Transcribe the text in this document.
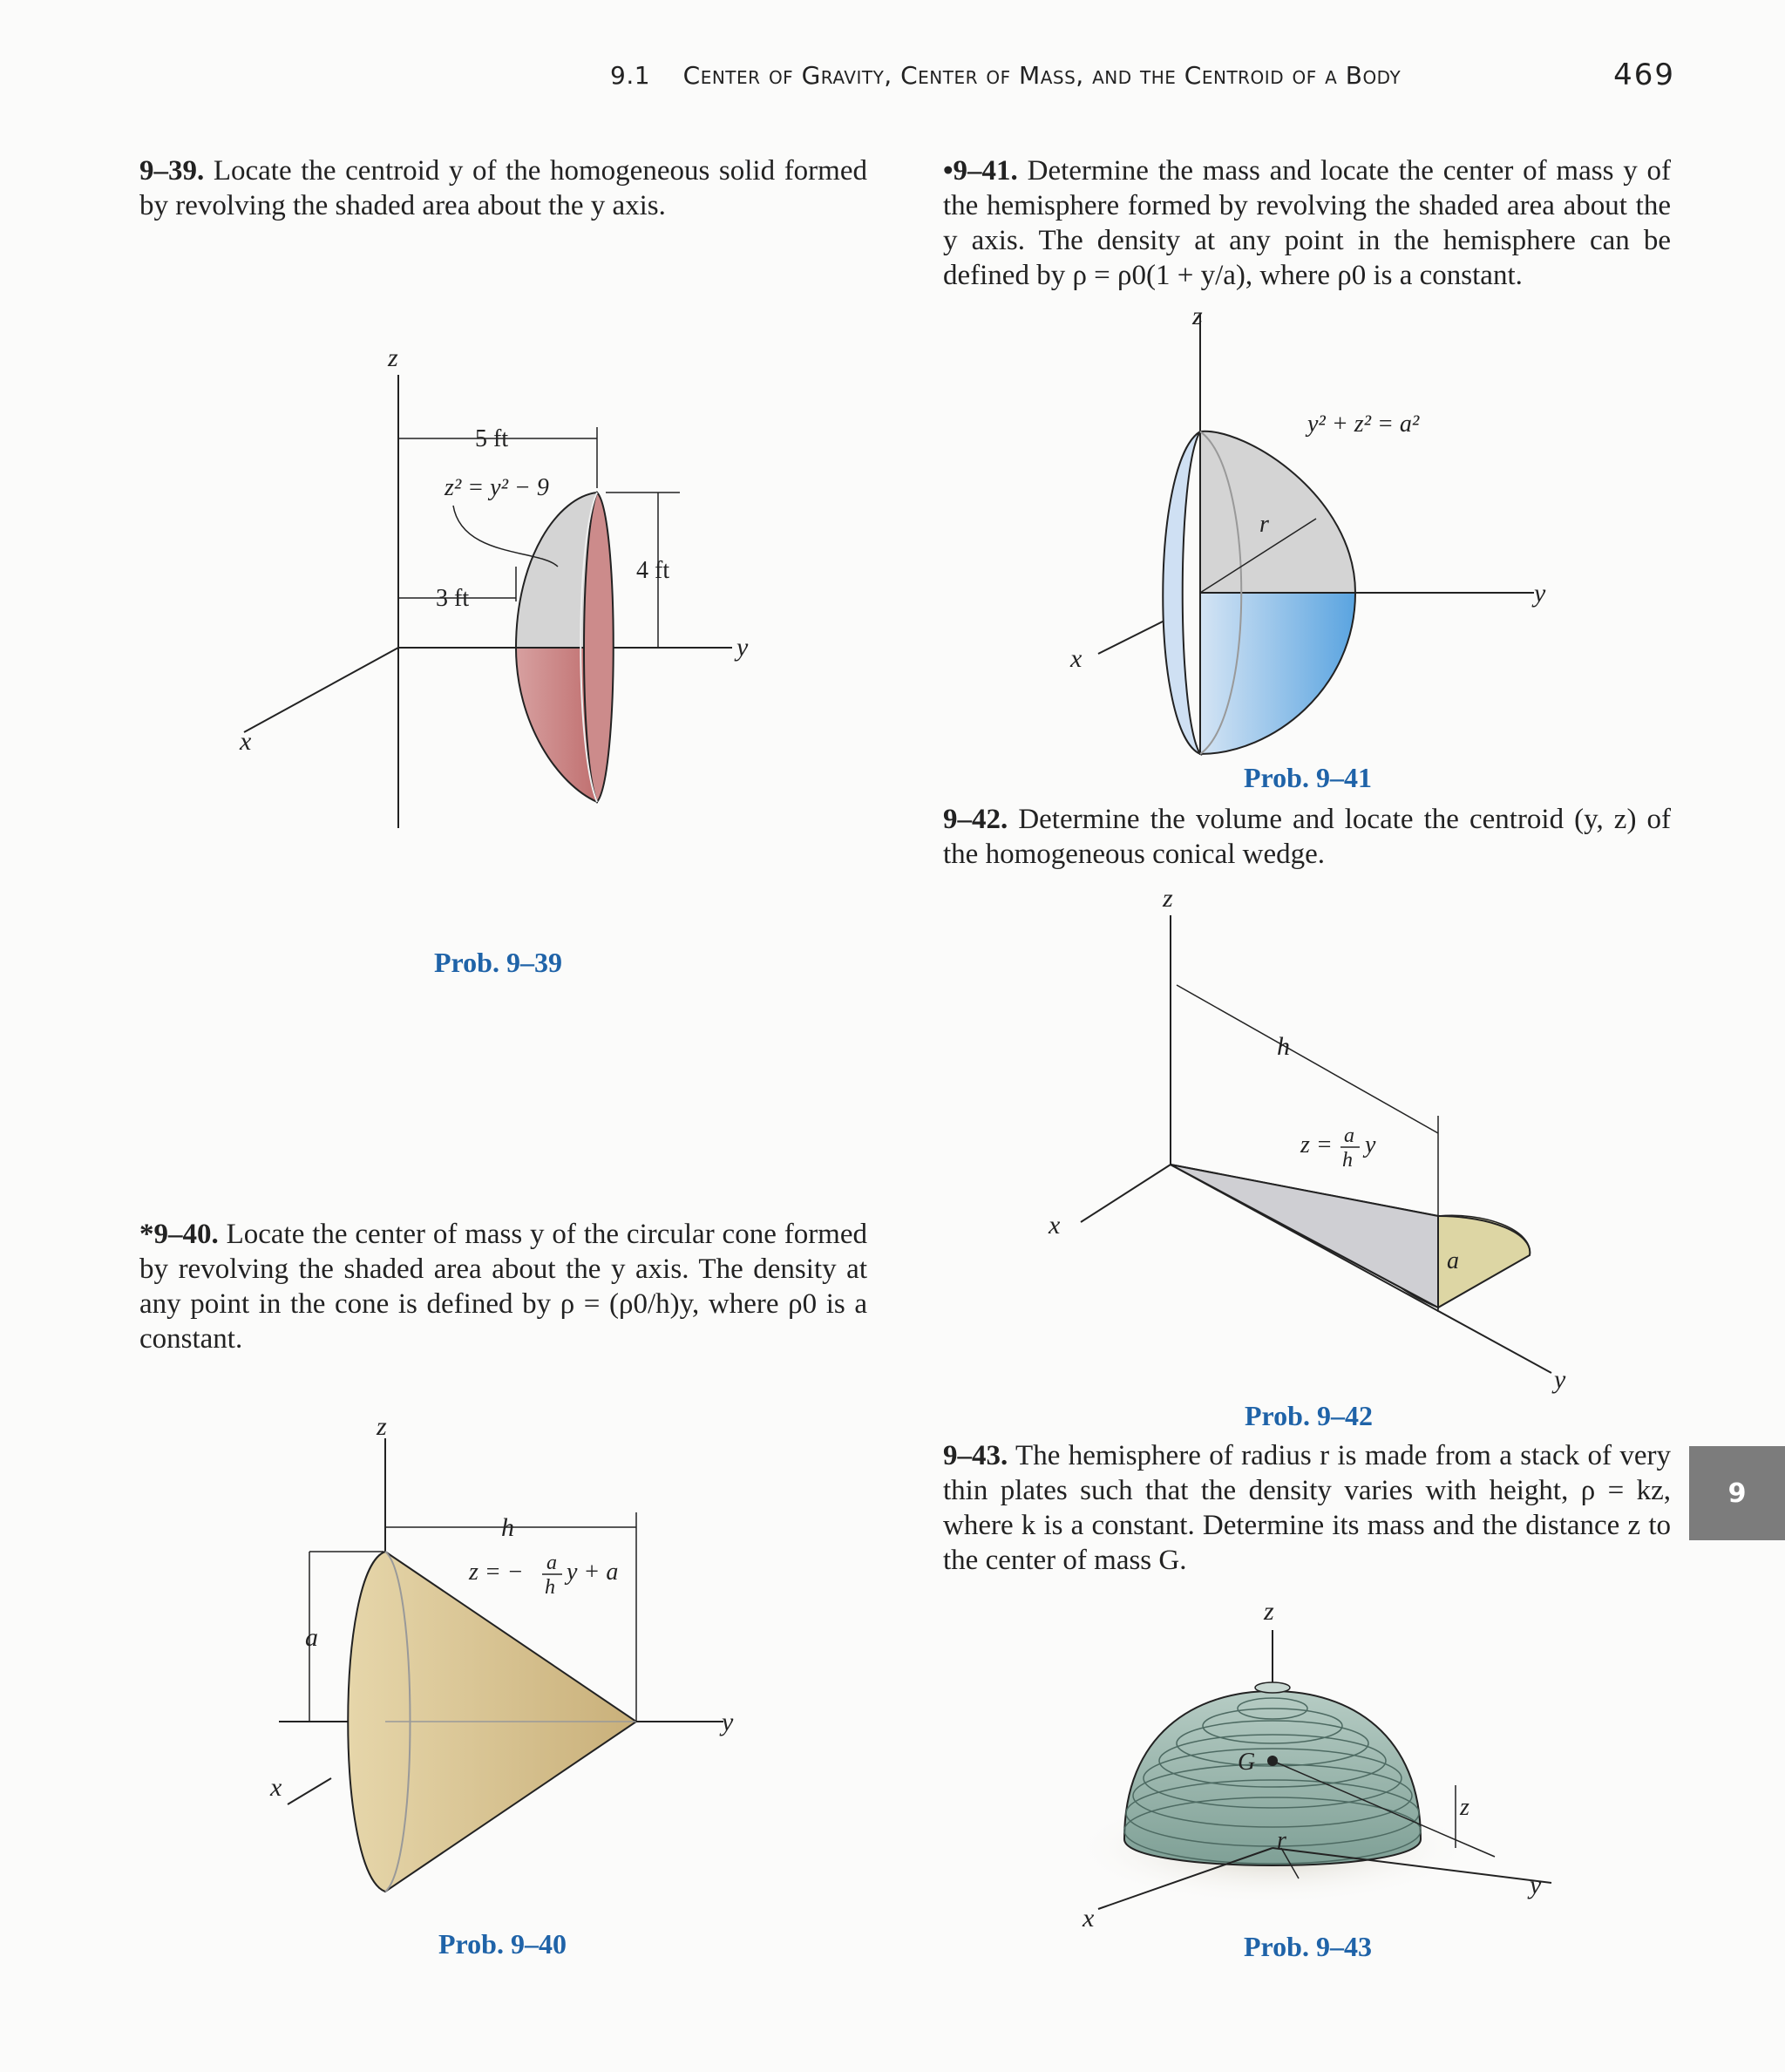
9.1 Center of Gravity, Center of Mass, and the Centroid of a Body	469
9–39. Locate the centroid y of the homogeneous solid formed by revolving the shaded area about the y axis.
z
x
y
5 ft
3 ft
4 ft
z² = y² − 9
Prob. 9–39
*9–40. Locate the center of mass y of the circular cone formed by revolving the shaded area about the y axis. The density at any point in the cone is defined by ρ = (ρ0/h)y, where ρ0 is a constant.
z
x
y
h
a
z = − a
h
y + a
Prob. 9–40
•9–41. Determine the mass and locate the center of mass y of the hemisphere formed by revolving the shaded area about the y axis. The density at any point in the hemisphere can be defined by ρ = ρ0(1 + y/a), where ρ0 is a constant.
z
x
y
r
y² + z² = a²
Prob. 9–41
9–42. Determine the volume and locate the centroid (y, z) of the homogeneous conical wedge.
z
x
y
h
a
z = a
h
y
Prob. 9–42
9–43. The hemisphere of radius r is made from a stack of very thin plates such that the density varies with height, ρ = kz, where k is a constant. Determine its mass and the distance z to the center of mass G.
z
x
y
G
r
z
Prob. 9–43
9
